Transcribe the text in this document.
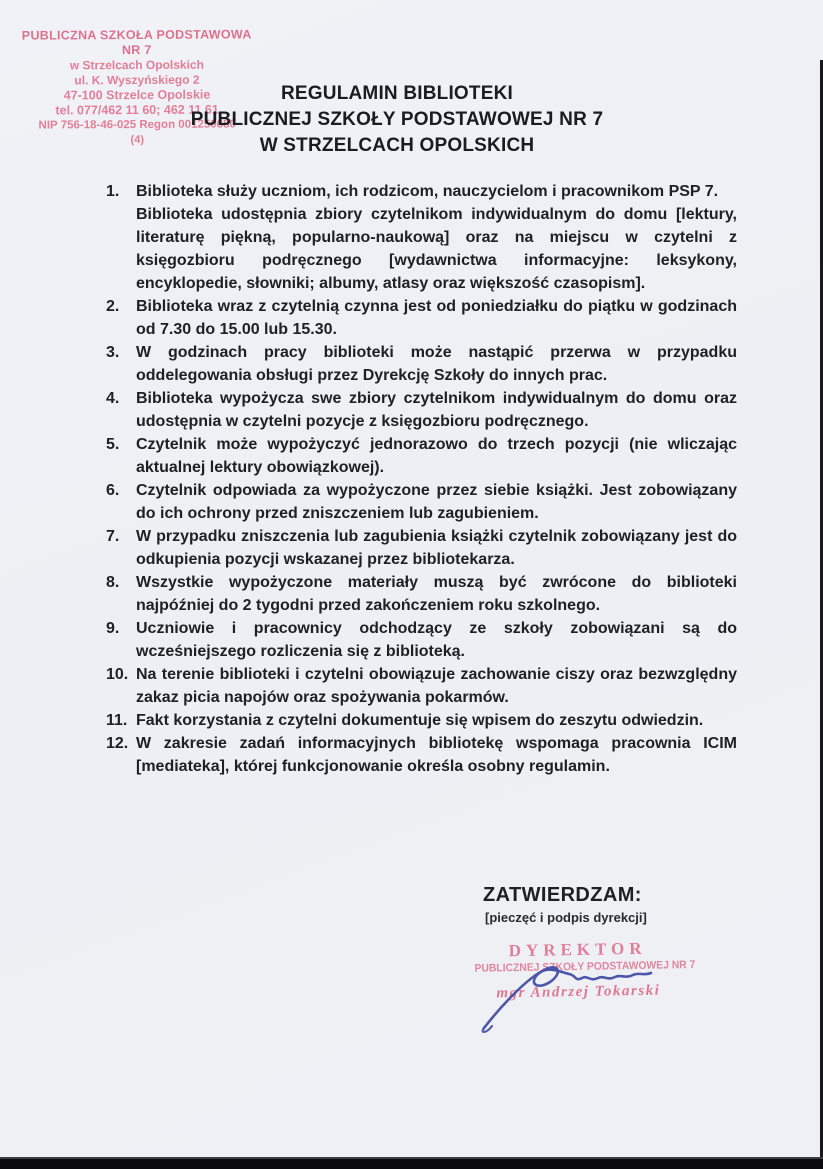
PUBLICZNA SZKOŁA PODSTAWOWA NR 7
w Strzelcach Opolskich
ul. K. Wyszyńskiego 2
47-100 Strzelce Opolskie
tel. 077/462 11 60; 462 11 61
NIP 756-18-46-025 Regon 001250680
(4)
REGULAMIN BIBLIOTEKI
PUBLICZNEJ SZKOŁY PODSTAWOWEJ NR 7
W STRZELCACH OPOLSKICH
1. Biblioteka służy uczniom, ich rodzicom, nauczycielom i pracownikom PSP 7.

Biblioteka udostępnia zbiory czytelnikom indywidualnym do domu [lektury, literaturę piękną, popularno-naukową] oraz na miejscu w czytelni z księgozbioru podręcznego [wydawnictwa informacyjne: leksykony, encyklopedie, słowniki; albumy, atlasy oraz większość czasopism].

2. Biblioteka wraz z czytelnią czynna jest od poniedziałku do piątku w godzinach od 7.30 do 15.00 lub 15.30.

3. W godzinach pracy biblioteki może nastąpić przerwa w przypadku oddelegowania obsługi przez Dyrekcję Szkoły do innych prac.

4. Biblioteka wypożycza swe zbiory czytelnikom indywidualnym do domu oraz udostępnia w czytelni pozycje z księgozbioru podręcznego.

5. Czytelnik może wypożyczyć jednorazowo do trzech pozycji (nie wliczając aktualnej lektury obowiązkowej).

6. Czytelnik odpowiada za wypożyczone przez siebie książki. Jest zobowiązany do ich ochrony przed zniszczeniem lub zagubieniem.

7. W przypadku zniszczenia lub zagubienia książki czytelnik zobowiązany jest do odkupienia pozycji wskazanej przez bibliotekarza.

8. Wszystkie wypożyczone materiały muszą być zwrócone do biblioteki najpóźniej do 2 tygodni przed zakończeniem roku szkolnego.

9. Uczniowie i pracownicy odchodzący ze szkoły zobowiązani są do wcześniejszego rozliczenia się z biblioteką.

10. Na terenie biblioteki i czytelni obowiązuje zachowanie ciszy oraz bezwzględny zakaz picia napojów oraz spożywania pokarmów.

11. Fakt korzystania z czytelni dokumentuje się wpisem do zeszytu odwiedzin.

12. W zakresie zadań informacyjnych bibliotekę wspomaga pracownia ICIM [mediateka], której funkcjonowanie określa osobny regulamin.

ZATWIERDZAM:
[pieczęć i podpis dyrekcji]
DYREKTOR
PUBLICZNEJ SZKOŁY PODSTAWOWEJ NR 7
mgr Andrzej Tokarski
